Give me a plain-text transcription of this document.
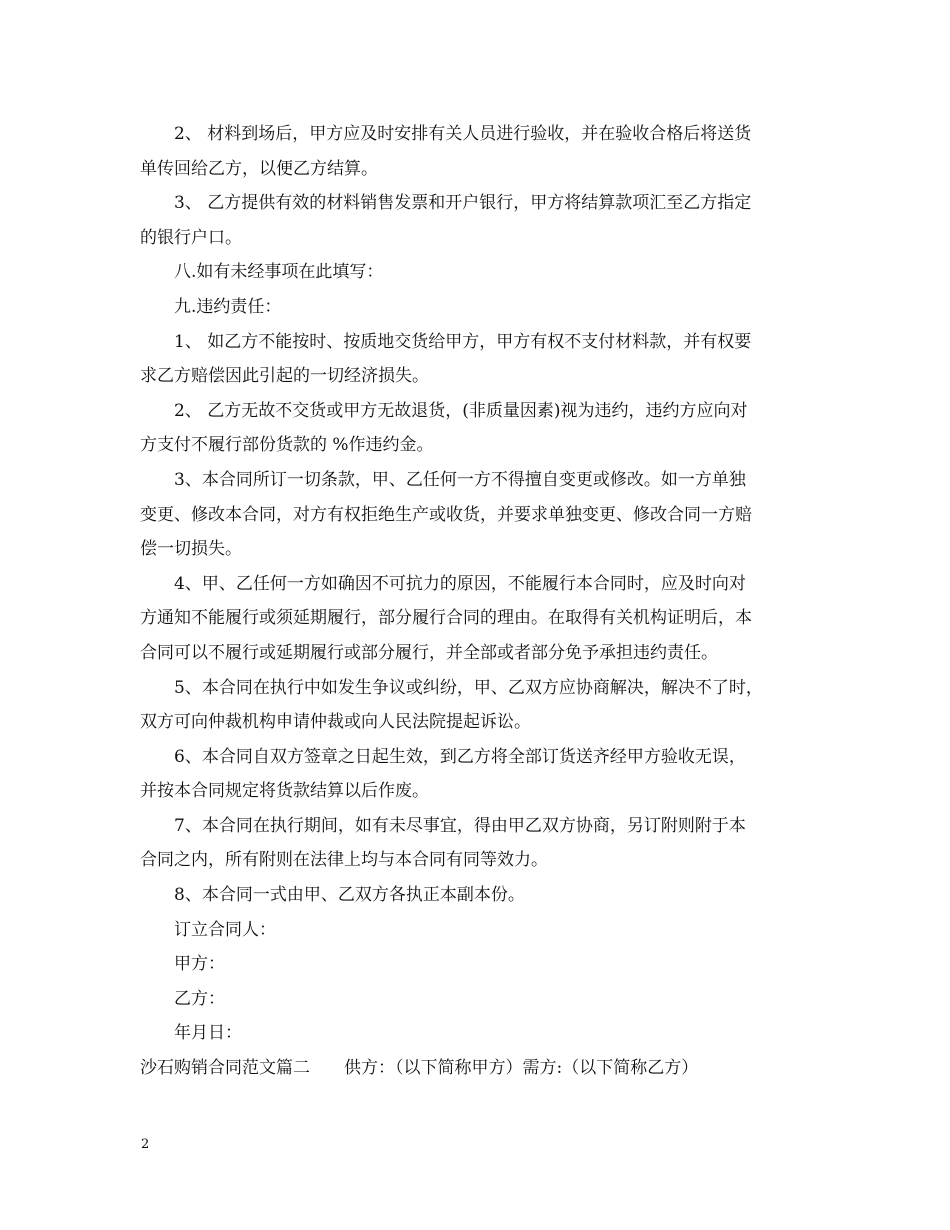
2、 材料到场后，甲方应及时安排有关人员进行验收，并在验收合格后将送货

单传回给乙方，以便乙方结算。

3、 乙方提供有效的材料销售发票和开户银行，甲方将结算款项汇至乙方指定

的银行户口。

八.如有未经事项在此填写：

九.违约责任：

1、 如乙方不能按时、按质地交货给甲方，甲方有权不支付材料款，并有权要

求乙方赔偿因此引起的一切经济损失。

2、 乙方无故不交货或甲方无故退货，(非质量因素)视为违约，违约方应向对

方支付不履行部份货款的 %作违约金。

3、本合同所订一切条款，甲、乙任何一方不得擅自变更或修改。如一方单独

变更、修改本合同，对方有权拒绝生产或收货，并要求单独变更、修改合同一方赔

偿一切损失。

4、甲、乙任何一方如确因不可抗力的原因，不能履行本合同时，应及时向对

方通知不能履行或须延期履行，部分履行合同的理由。在取得有关机构证明后，本

合同可以不履行或延期履行或部分履行，并全部或者部分免予承担违约责任。

5、本合同在执行中如发生争议或纠纷，甲、乙双方应协商解决，解决不了时，

双方可向仲裁机构申请仲裁或向人民法院提起诉讼。

6、本合同自双方签章之日起生效，到乙方将全部订货送齐经甲方验收无误，

并按本合同规定将货款结算以后作废。

7、本合同在执行期间，如有未尽事宜，得由甲乙双方协商，另订附则附于本

合同之内，所有附则在法律上均与本合同有同等效力。

8、本合同一式由甲、乙双方各执正本副本份。

订立合同人：

甲方：

乙方：

年月日：

沙石购销合同范文篇二　　供方：（以下简称甲方）需方:（以下简称乙方）

2
